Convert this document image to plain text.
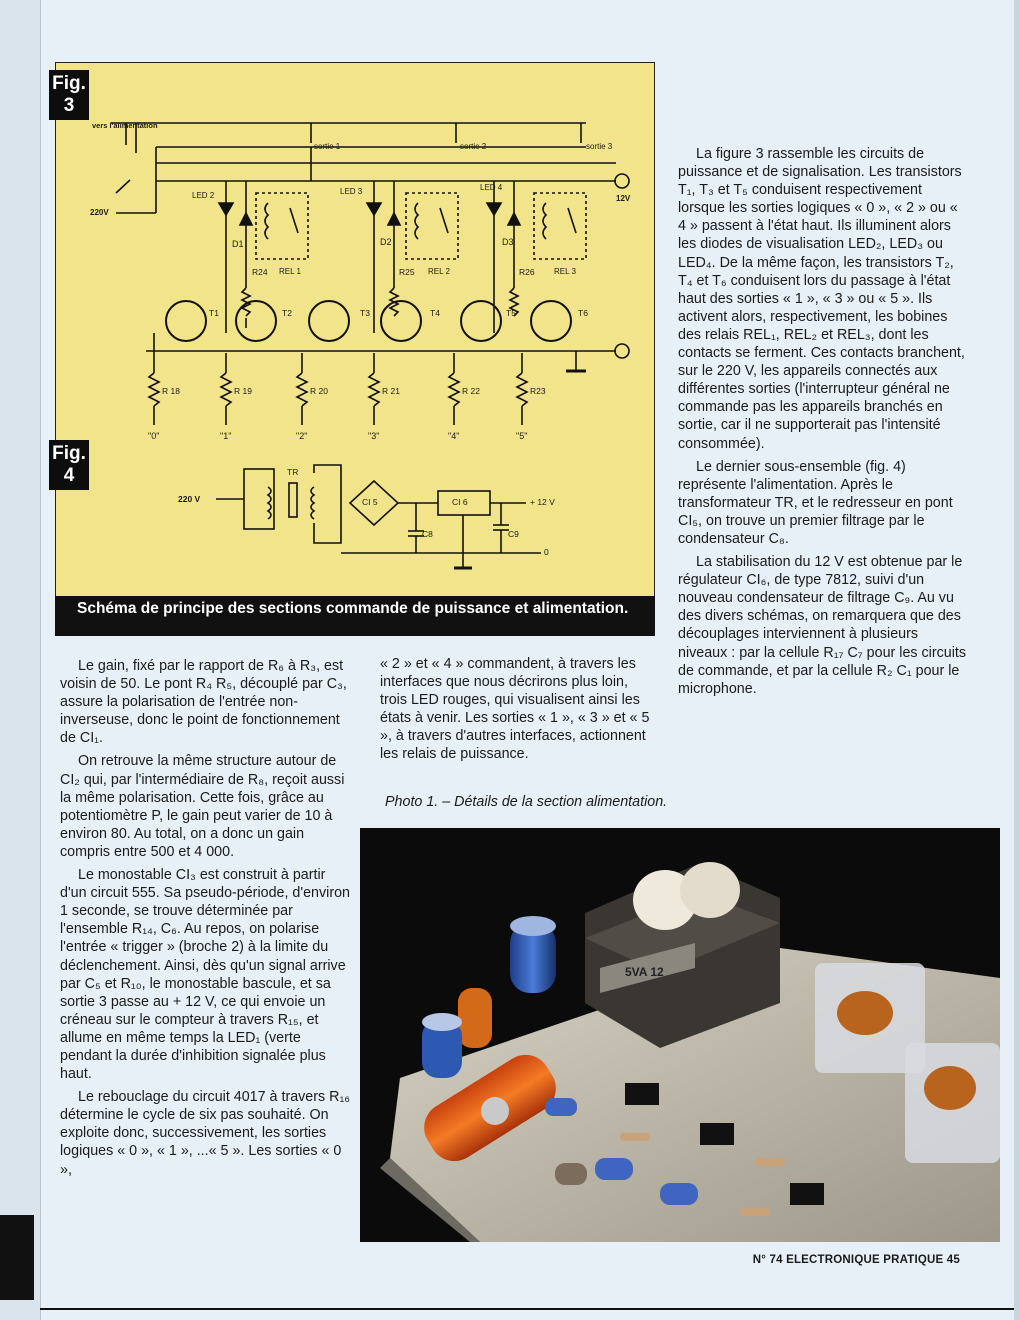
vers l'alimentation
220V
sortie 1	sortie 2	sortie 3
12V
LED 2	LED 3	LED 4
D1	D2	D3
R24	R25	R26
REL 1	REL 2	REL 3
T1	T2	T3	T4	T5	T6
R 18	R 19	R 20	R 21	R 22	R23
"0"	"1"	"2"	"3"	"4"	"5"
220 V
TR
CI 5	CI 6
C8	C9
+ 12 V
0
Fig.
3
Fig.
4
Schéma de principe des sections commande de puissance et alimentation.

Le gain, fixé par le rapport de R₆ à R₃, est voisin de 50. Le pont R₄ R₅, découplé par C₃, assure la polarisation de l'entrée non-inverseuse, donc le point de fonctionnement de CI₁.

On retrouve la même structure autour de CI₂ qui, par l'intermédiaire de R₈, reçoit aussi la même polarisation. Cette fois, grâce au potentiomètre P, le gain peut varier de 10 à environ 80. Au total, on a donc un gain compris entre 500 et 4 000.

Le monostable CI₃ est construit à partir d'un circuit 555. Sa pseudo-période, d'environ 1 seconde, se trouve déterminée par l'ensemble R₁₄, C₆. Au repos, on polarise l'entrée « trigger » (broche 2) à la limite du déclenchement. Ainsi, dès qu'un signal arrive par C₅ et R₁₀, le monostable bascule, et sa sortie 3 passe au + 12 V, ce qui envoie un créneau sur le compteur à travers R₁₅, et allume en même temps la LED₁ (verte pendant la durée d'inhibition signalée plus haut.

Le rebouclage du circuit 4017 à travers R₁₆ détermine le cycle de six pas souhaité. On exploite donc, successivement, les sorties logiques « 0 », « 1 », ...« 5 ». Les sorties « 0 »,

« 2 » et « 4 » commandent, à travers les interfaces que nous décrirons plus loin, trois LED rouges, qui visualisent ainsi les états à venir. Les sorties « 1 », « 3 » et « 5 », à travers d'autres interfaces, actionnent les relais de puissance.

Photo 1. – Détails de la section alimentation.

La figure 3 rassemble les circuits de puissance et de signalisation. Les transistors T₁, T₃ et T₅ conduisent respectivement lorsque les sorties logiques « 0 », « 2 » ou « 4 » passent à l'état haut. Ils illuminent alors les diodes de visualisation LED₂, LED₃ ou LED₄. De la même façon, les transistors T₂, T₄ et T₆ conduisent lors du passage à l'état haut des sorties « 1 », « 3 » ou « 5 ». Ils activent alors, respectivement, les bobines des relais REL₁, REL₂ et REL₃, dont les contacts se ferment. Ces contacts branchent, sur le 220 V, les appareils connectés aux différentes sorties (l'interrupteur général ne commande pas les appareils branchés en sortie, car il ne supporterait pas l'intensité consommée).

Le dernier sous-ensemble (fig. 4) représente l'alimentation. Après le transformateur TR, et le redresseur en pont CI₅, on trouve un premier filtrage par le condensateur C₈.

La stabilisation du 12 V est obtenue par le régulateur CI₆, de type 7812, suivi d'un nouveau condensateur de filtrage C₉. Au vu des divers schémas, on remarquera que des découplages interviennent à plusieurs niveaux : par la cellule R₁₇ C₇ pour les circuits de commande, et par la cellule R₂ C₁ pour le microphone.

5VA 12
N° 74 ELECTRONIQUE PRATIQUE 45
